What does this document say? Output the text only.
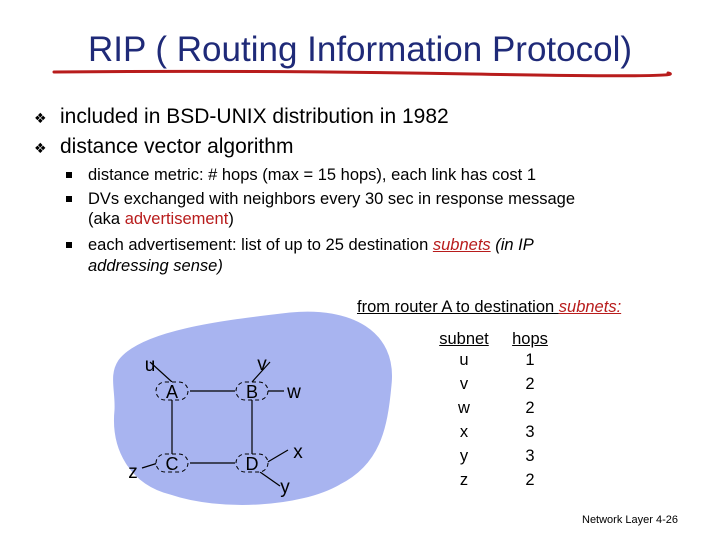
RIP ( Routing Information Protocol)
❖ included in BSD-UNIX distribution in 1982
❖ distance vector algorithm
distance metric: # hops (max = 15 hops), each link has cost 1
DVs exchanged with neighbors every 30 sec in response message
(aka advertisement)
each advertisement: list of up to 25 destination subnets (in IP
addressing sense)
A	B
C	D
u	v
w
x
y
z
from router A to destination subnets:
subnet	hops
u	1
v	2
w	2
x	3
y	3
z	2
Network Layer 4-26
